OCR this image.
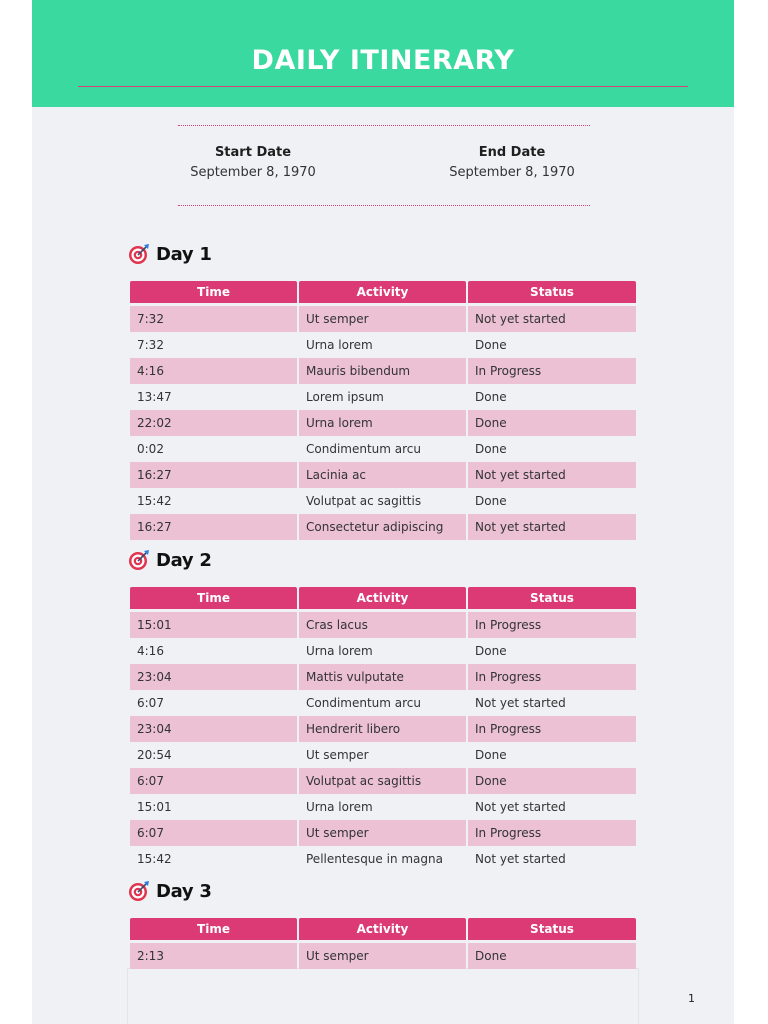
DAILY ITINERARY
Start Date
September 8, 1970
End Date
September 8, 1970
Day 1
Time	Activity	Status
7:32	Ut semper	Not yet started
7:32	Urna lorem	Done
4:16	Mauris bibendum	In Progress
13:47	Lorem ipsum	Done
22:02	Urna lorem	Done
0:02	Condimentum arcu	Done
16:27	Lacinia ac	Not yet started
15:42	Volutpat ac sagittis	Done
16:27	Consectetur adipiscing	Not yet started
Day 2
Time	Activity	Status
15:01	Cras lacus	In Progress
4:16	Urna lorem	Done
23:04	Mattis vulputate	In Progress
6:07	Condimentum arcu	Not yet started
23:04	Hendrerit libero	In Progress
20:54	Ut semper	Done
6:07	Volutpat ac sagittis	Done
15:01	Urna lorem	Not yet started
6:07	Ut semper	In Progress
15:42	Pellentesque in magna	Not yet started
Day 3
Time	Activity	Status
2:13	Ut semper	Done
1
